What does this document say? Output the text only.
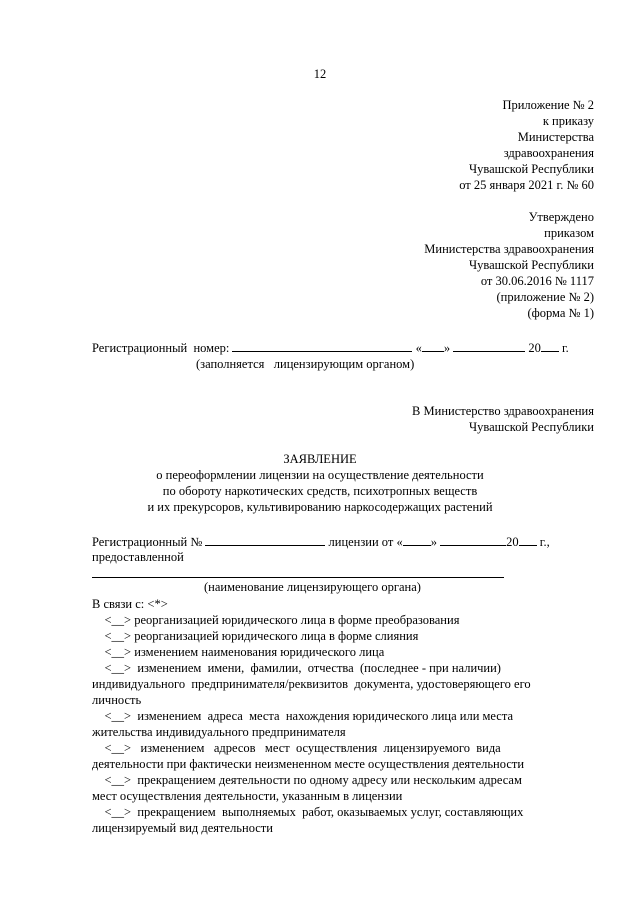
12
Приложение № 2
к приказу
Министерства
здравоохранения
Чувашской Республики
от 25 января 2021 г. № 60
Утверждено
приказом
Министерства здравоохранения
Чувашской Республики
от 30.06.2016 № 1117
(приложение № 2)
(форма № 1)
Регистрационный  номер:	« »	20 г.
(заполняется   лицензирующим органом)
В Министерство здравоохранения
Чувашской Республики
ЗАЯВЛЕНИЕ
о переоформлении лицензии на осуществление деятельности
по обороту наркотических средств, психотропных веществ
и их прекурсоров, культивированию наркосодержащих растений
Регистрационный №	лицензии от « »	20 г.,
предоставленной
(наименование лицензирующего органа)
В связи с: <*>
<__> реорганизацией юридического лица в форме преобразования
<__> реорганизацией юридического лица в форме слияния
<__> изменением наименования юридического лица
<__>  изменением  имени,  фамилии,  отчества  (последнее - при наличии)
индивидуального  предпринимателя/реквизитов  документа, удостоверяющего его
личность
<__>  изменением  адреса  места  нахождения юридического лица или места
жительства индивидуального предпринимателя
<__>   изменением   адресов   мест  осуществления  лицензируемого  вида
деятельности при фактически неизмененном месте осуществления деятельности
<__>  прекращением деятельности по одному адресу или нескольким адресам
мест осуществления деятельности, указанным в лицензии
<__>  прекращением  выполняемых  работ, оказываемых услуг, составляющих
лицензируемый вид деятельности
